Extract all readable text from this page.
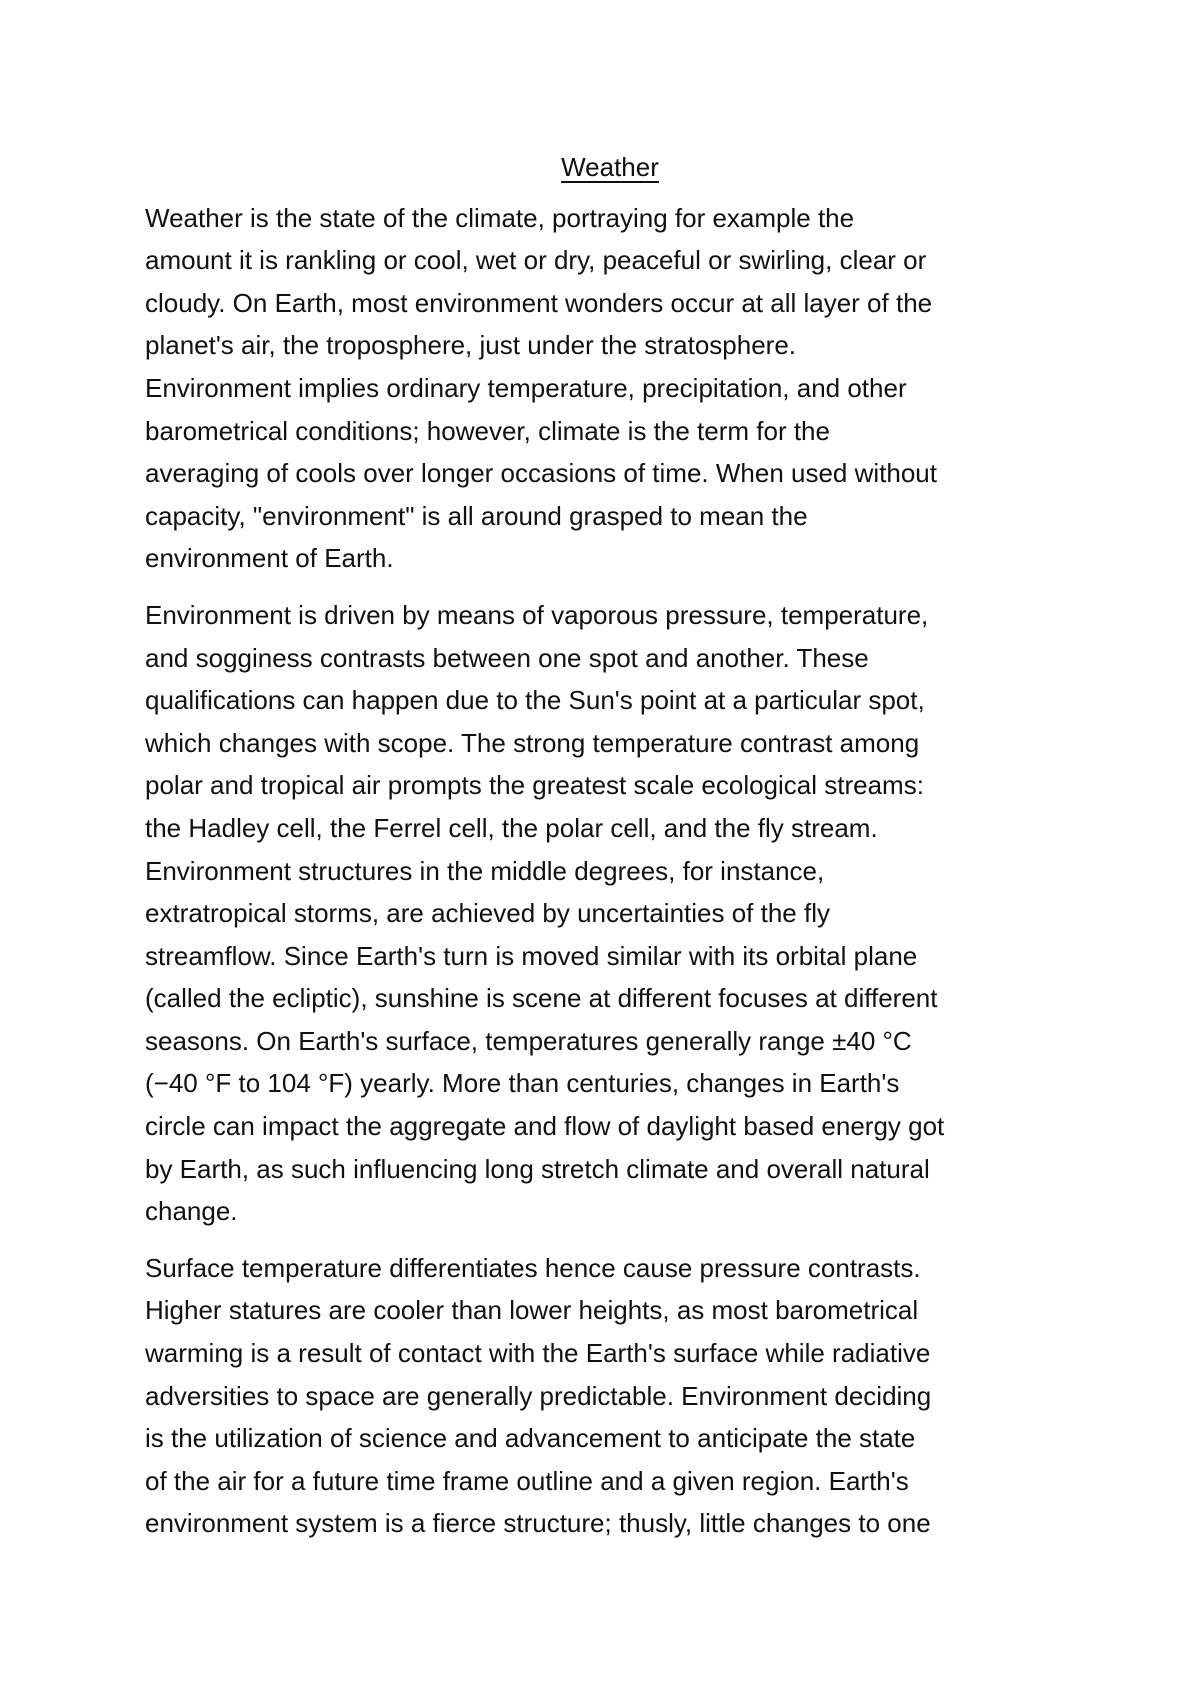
Weather

Weather is the state of the climate, portraying for example the
amount it is rankling or cool, wet or dry, peaceful or swirling, clear or
cloudy. On Earth, most environment wonders occur at all layer of the
planet's air, the troposphere, just under the stratosphere.
Environment implies ordinary temperature, precipitation, and other
barometrical conditions; however, climate is the term for the
averaging of cools over longer occasions of time. When used without
capacity, "environment" is all around grasped to mean the
environment of Earth.

Environment is driven by means of vaporous pressure, temperature,
and sogginess contrasts between one spot and another. These
qualifications can happen due to the Sun's point at a particular spot,
which changes with scope. The strong temperature contrast among
polar and tropical air prompts the greatest scale ecological streams:
the Hadley cell, the Ferrel cell, the polar cell, and the fly stream.
Environment structures in the middle degrees, for instance,
extratropical storms, are achieved by uncertainties of the fly
streamflow. Since Earth's turn is moved similar with its orbital plane
(called the ecliptic), sunshine is scene at different focuses at different
seasons. On Earth's surface, temperatures generally range ±40 °C
(−40 °F to 104 °F) yearly. More than centuries, changes in Earth's
circle can impact the aggregate and flow of daylight based energy got
by Earth, as such influencing long stretch climate and overall natural
change.

Surface temperature differentiates hence cause pressure contrasts.
Higher statures are cooler than lower heights, as most barometrical
warming is a result of contact with the Earth's surface while radiative
adversities to space are generally predictable. Environment deciding
is the utilization of science and advancement to anticipate the state
of the air for a future time frame outline and a given region. Earth's
environment system is a fierce structure; thusly, little changes to one
